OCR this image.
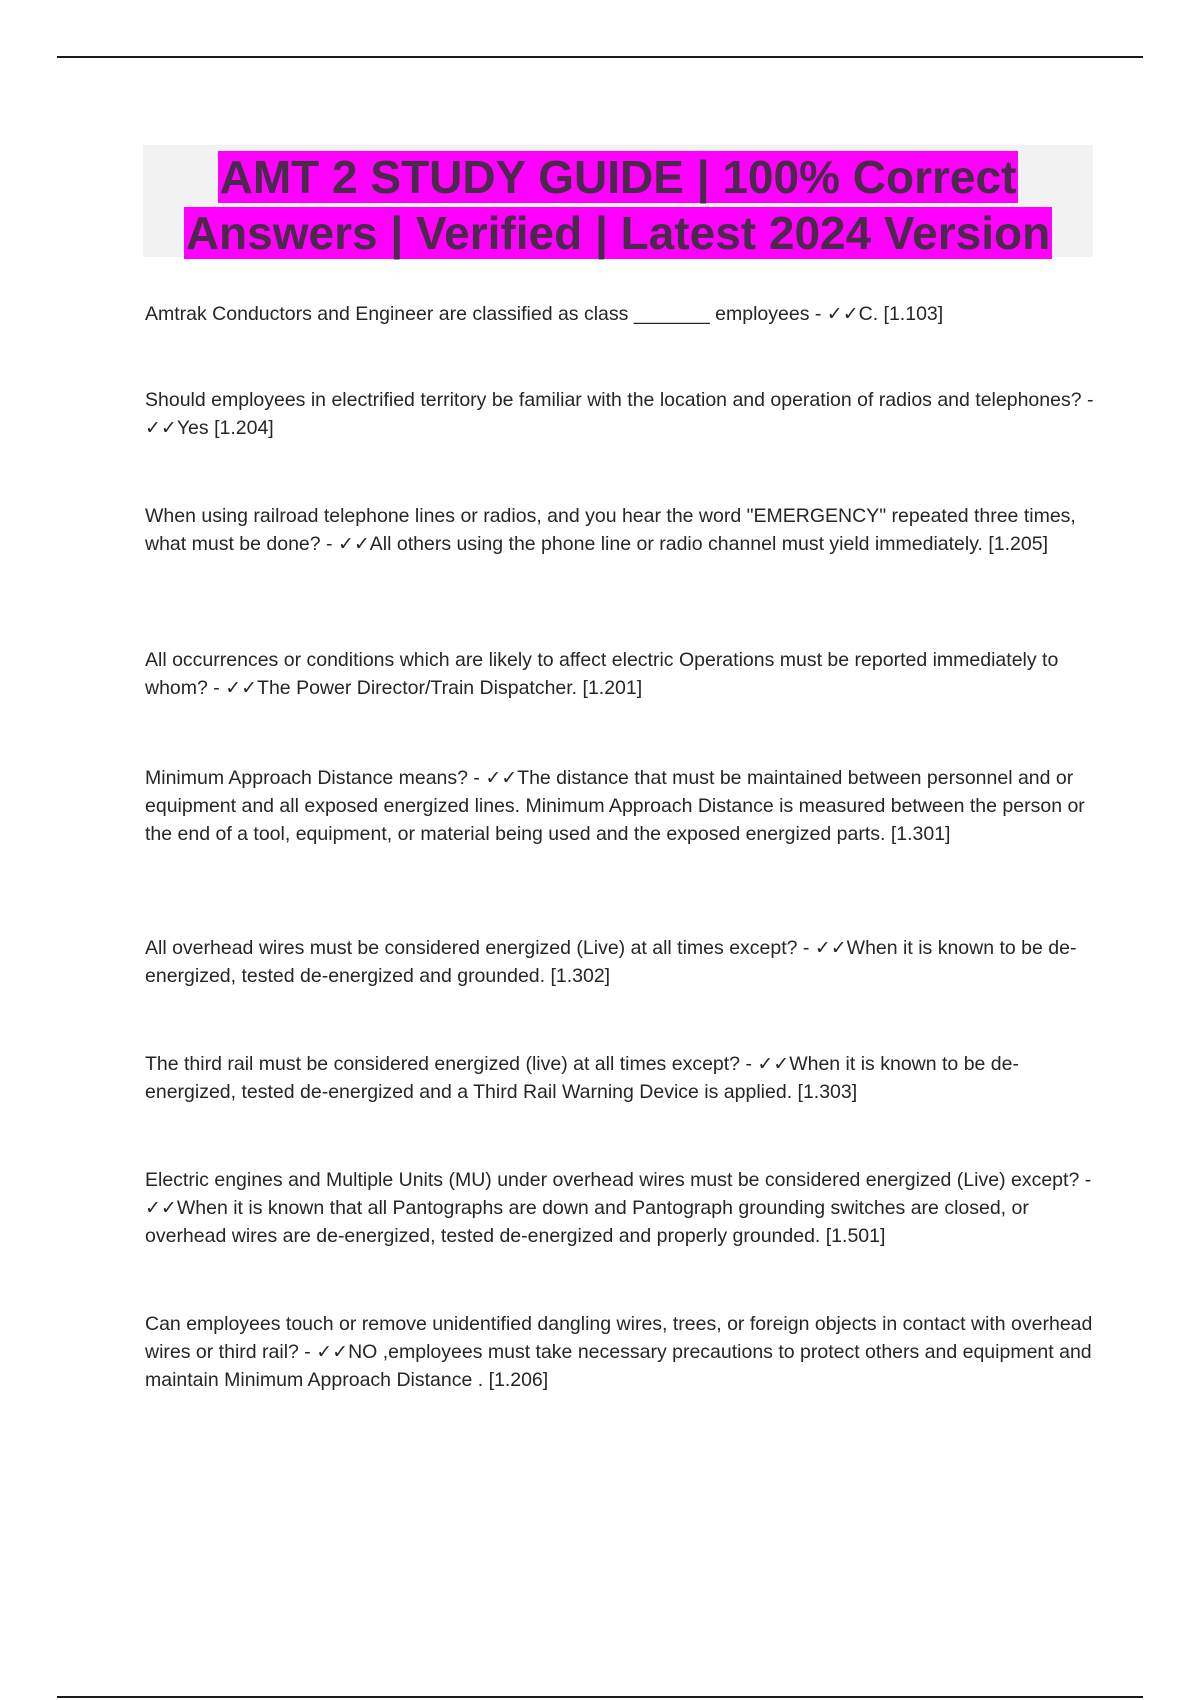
AMT 2 STUDY GUIDE | 100% Correct
Answers | Verified | Latest 2024 Version
Amtrak Conductors and Engineer are classified as class _______ employees - ✓✓C. [1.103]
Should employees in electrified territory be familiar with the location and operation of radios and telephones? - ✓✓Yes [1.204]
When using railroad telephone lines or radios, and you hear the word "EMERGENCY" repeated three times, what must be done? - ✓✓All others using the phone line or radio channel must yield immediately. [1.205]
All occurrences or conditions which are likely to affect electric Operations must be reported immediately to whom? - ✓✓The Power Director/Train Dispatcher. [1.201]
Minimum Approach Distance means? - ✓✓The distance that must be maintained between personnel and or equipment and all exposed energized lines. Minimum Approach Distance is measured between the person or the end of a tool, equipment, or material being used and the exposed energized parts. [1.301]
All overhead wires must be considered energized (Live) at all times except? - ✓✓When it is known to be de-energized, tested de-energized and grounded. [1.302]
The third rail must be considered energized (live) at all times except? - ✓✓When it is known to be de-energized, tested de-energized and a Third Rail Warning Device is applied. [1.303]
Electric engines and Multiple Units (MU) under overhead wires must be considered energized (Live) except? - ✓✓When it is known that all Pantographs are down and Pantograph grounding switches are closed, or overhead wires are de-energized, tested de-energized and properly grounded. [1.501]
Can employees touch or remove unidentified dangling wires, trees, or foreign objects in contact with overhead wires or third rail? - ✓✓NO ,employees must take necessary precautions to protect others and equipment and maintain Minimum Approach Distance . [1.206]
